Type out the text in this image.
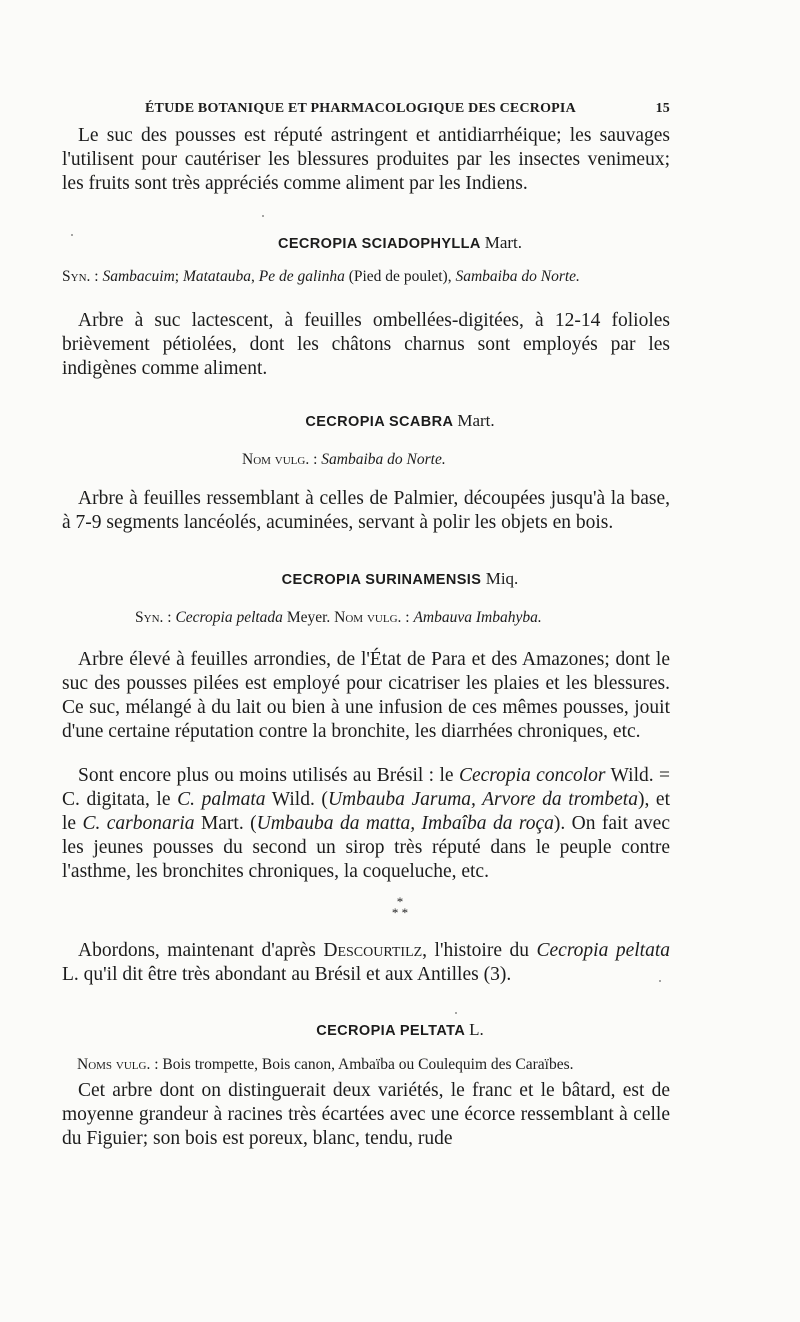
ÉTUDE BOTANIQUE ET PHARMACOLOGIQUE DES CECROPIA	15
Le suc des pousses est réputé astringent et antidiarrhéique; les sauvages l'utilisent pour cautériser les blessures produites par les insectes venimeux; les fruits sont très appréciés comme aliment par les Indiens.
CECROPIA SCIADOPHYLLA Mart.
Syn. : Sambacuim; Matatauba, Pe de galinha (Pied de poulet), Sambaiba do Norte.
Arbre à suc lactescent, à feuilles ombellées-digitées, à 12-14 folioles brièvement pétiolées, dont les châtons charnus sont employés par les indigènes comme aliment.
CECROPIA SCABRA Mart.
Nom vulg. : Sambaiba do Norte.
Arbre à feuilles ressemblant à celles de Palmier, découpées jusqu'à la base, à 7-9 segments lancéolés, acuminées, servant à polir les objets en bois.
CECROPIA SURINAMENSIS Miq.
Syn. : Cecropia peltada Meyer. Nom vulg. : Ambauva Imbahyba.
Arbre élevé à feuilles arrondies, de l'État de Para et des Amazones; dont le suc des pousses pilées est employé pour cicatriser les plaies et les blessures. Ce suc, mélangé à du lait ou bien à une infusion de ces mêmes pousses, jouit d'une certaine réputation contre la bronchite, les diarrhées chroniques, etc.
Sont encore plus ou moins utilisés au Brésil : le Cecropia concolor Wild. = C. digitata, le C. palmata Wild. (Umbauba Jaruma, Arvore da trombeta), et le C. carbonaria Mart. (Umbauba da matta, Imbaîba da roça). On fait avec les jeunes pousses du second un sirop très réputé dans le peuple contre l'asthme, les bronchites chroniques, la coqueluche, etc.
*
* *
Abordons, maintenant d'après Descourtilz, l'histoire du Cecropia peltata L. qu'il dit être très abondant au Brésil et aux Antilles (3).
CECROPIA PELTATA L.
Noms vulg. : Bois trompette, Bois canon, Ambaïba ou Coulequim des Caraïbes.
Cet arbre dont on distinguerait deux variétés, le franc et le bâtard, est de moyenne grandeur à racines très écartées avec une écorce ressemblant à celle du Figuier; son bois est poreux, blanc, tendu, rude
